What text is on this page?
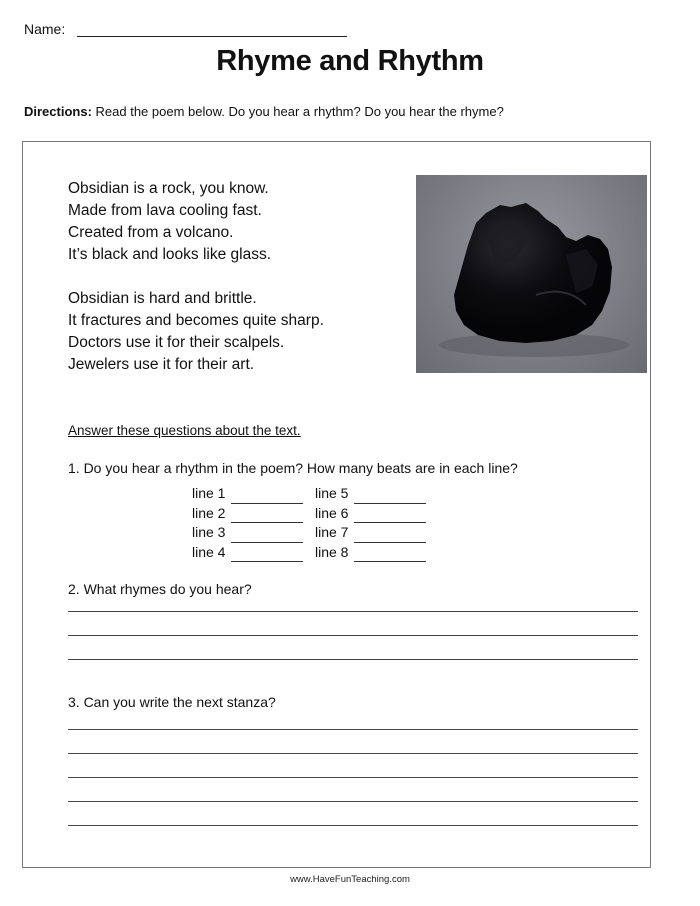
Name:
Rhyme and Rhythm
Directions: Read the poem below. Do you hear a rhythm? Do you hear the rhyme?
Obsidian is a rock, you know.
Made from lava cooling fast.
Created from a volcano.
It’s black and looks like glass.
Obsidian is hard and brittle.
It fractures and becomes quite sharp.
Doctors use it for their scalpels.
Jewelers use it for their art.
Answer these questions about the text.
1. Do you hear a rhythm in the poem? How many beats are in each line?
line 1	line 5
line 2	line 6
line 3	line 7
line 4	line 8
2. What rhymes do you hear?
3. Can you write the next stanza?
www.HaveFunTeaching.com
